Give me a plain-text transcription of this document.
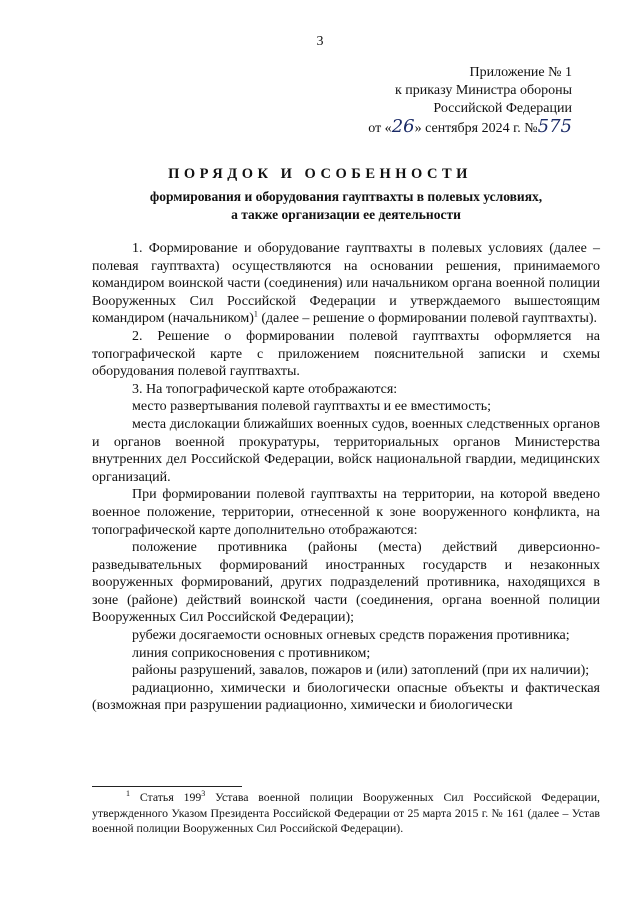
3
Приложение № 1
к приказу Министра обороны
Российской Федерации
от «26» сентября 2024 г. №575
ПОРЯДОК И ОСОБЕННОСТИ
формирования и оборудования гауптвахты в полевых условиях,
а также организации ее деятельности

1. Формирование и оборудование гауптвахты в полевых условиях (далее – полевая гауптвахта) осуществляются на основании решения, принимаемого командиром воинской части (соединения) или начальником органа военной полиции Вооруженных Сил Российской Федерации и утверждаемого вышестоящим командиром (начальником)$^1$ (далее – решение о формировании полевой гауптвахты).

2. Решение о формировании полевой гауптвахты оформляется на топографической карте с приложением пояснительной записки и схемы оборудования полевой гауптвахты.

3. На топографической карте отображаются:

место развертывания полевой гауптвахты и ее вместимость;

места дислокации ближайших военных судов, военных следственных органов и органов военной прокуратуры, территориальных органов Министерства внутренних дел Российской Федерации, войск национальной гвардии, медицинских организаций.

При формировании полевой гауптвахты на территории, на которой введено военное положение, территории, отнесенной к зоне вооруженного конфликта, на топографической карте дополнительно отображаются:

положение противника (районы (места) действий диверсионно-разведывательных формирований иностранных государств и незаконных вооруженных формирований, других подразделений противника, находящихся в зоне (районе) действий воинской части (соединения, органа военной полиции Вооруженных Сил Российской Федерации);

рубежи досягаемости основных огневых средств поражения противника;

линия соприкосновения с противником;

районы разрушений, завалов, пожаров и (или) затоплений (при их наличии);

радиационно, химически и биологически опасные объекты и фактическая (возможная при разрушении радиационно, химически и биологически

$^1$ Статья $199^3$ Устава военной полиции Вооруженных Сил Российской Федерации, утвержденного Указом Президента Российской Федерации от 25 марта 2015 г. № 161 (далее – Устав военной полиции Вооруженных Сил Российской Федерации).
